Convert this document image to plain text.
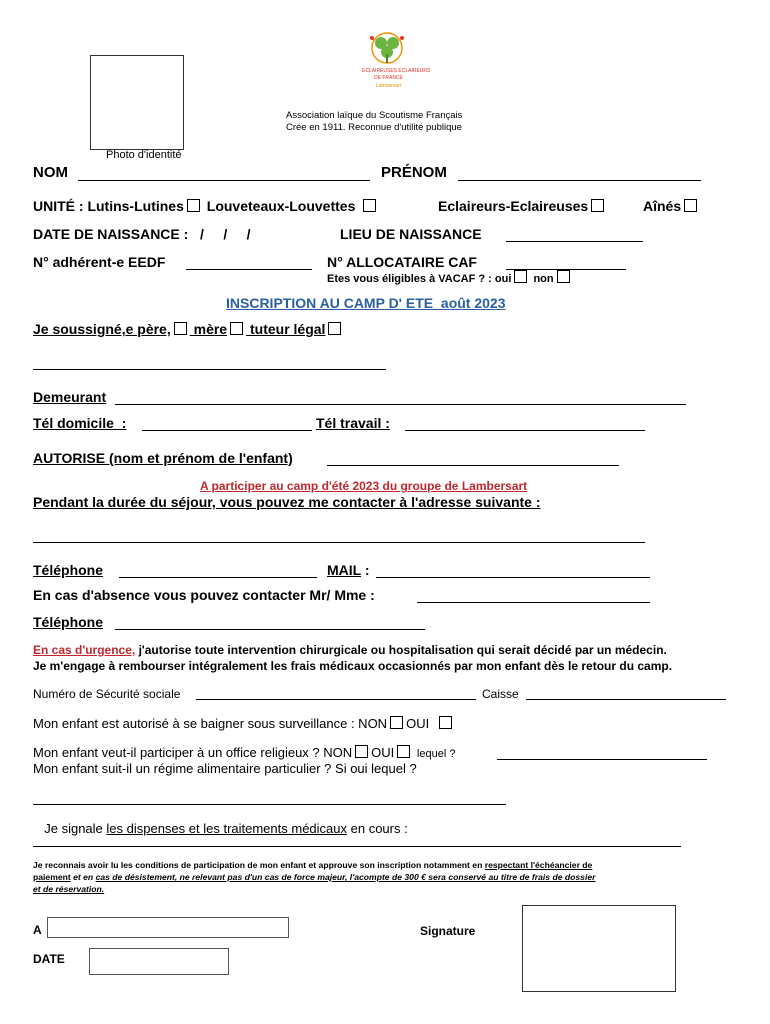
Photo d'identité
ECLAIREUSES ECLAIREURS
DE FRANCE
Lambersart
Association laïque du Scoutisme Français
Crée en 1911. Reconnue d'utilité publique
NOM	PRÉNOM
UNITÉ : Lutins-Lutines Louveteaux-Louvettes	Eclaireurs-Eclaireuses	Aînés
DATE DE NAISSANCE :   /     /     /	LIEU DE NAISSANCE
N° adhérent-e EEDF	N° ALLOCATAIRE CAF
Etes vous éligibles à VACAF ? : oui non
INSCRIPTION AU CAMP D' ETE  août 2023
Je soussigné,e père, mère tuteur légal
Demeurant
Tél domicile  :	Tél travail :
AUTORISE (nom et prénom de l'enfant)
A participer au camp d'été 2023 du groupe de Lambersart
Pendant la durée du séjour, vous pouvez me contacter à l'adresse suivante :
Téléphone	MAIL :
En cas d'absence vous pouvez contacter Mr/ Mme :
Téléphone
En cas d'urgence, j'autorise toute intervention chirurgicale ou hospitalisation qui serait décidé par un médecin.
Je m'engage à rembourser intégralement les frais médicaux occasionnés par mon enfant dès le retour du camp.
Numéro de Sécurité sociale	Caisse
Mon enfant est autorisé à se baigner sous surveillance : NON OUI
Mon enfant veut-il participer à un office religieux ? NON OUI lequel ?
Mon enfant suit-il un régime alimentaire particulier ? Si oui lequel ?

Je signale les dispenses et les traitements médicaux en cours :

Je reconnais avoir lu les conditions de participation de mon enfant et approuve son inscription notamment en respectant l'échéancier de
paiement et en cas de désistement, ne relevant pas d'un cas de force majeur, l'acompte de 300 € sera conservé au titre de frais de dossier
et de réservation.
A
DATE
Signature
